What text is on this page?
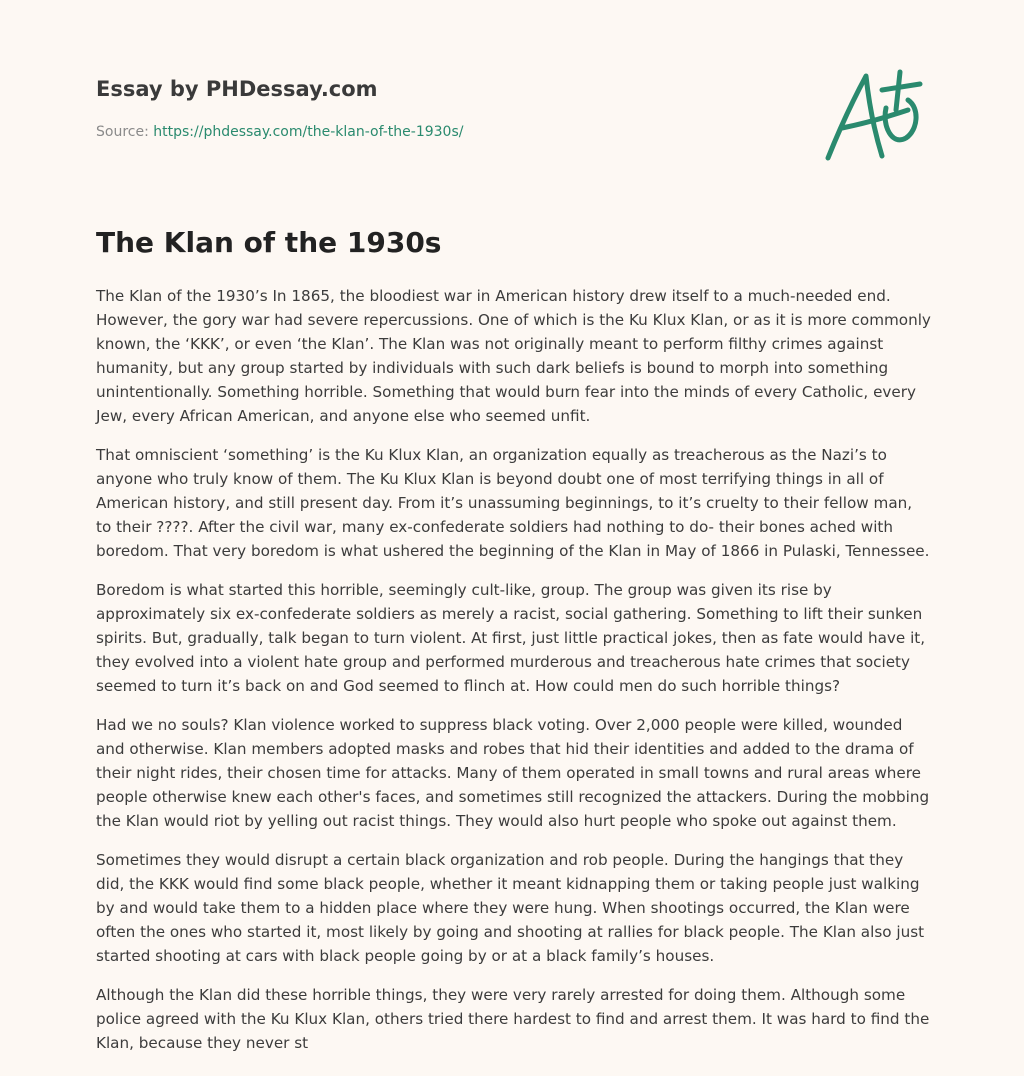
Essay by PHDessay.com
Source: https://phdessay.com/the-klan-of-the-1930s/
The Klan of the 1930s

The Klan of the 1930’s In 1865, the bloodiest war in American history drew itself to a much-needed end. However, the gory war had severe repercussions. One of which is the Ku Klux Klan, or as it is more commonly known, the ‘KKK’, or even ‘the Klan’. The Klan was not originally meant to perform filthy crimes against humanity, but any group started by individuals with such dark beliefs is bound to morph into something unintentionally. Something horrible. Something that would burn fear into the minds of every Catholic, every Jew, every African American, and anyone else who seemed unfit.

That omniscient ‘something’ is the Ku Klux Klan, an organization equally as treacherous as the Nazi’s to anyone who truly know of them. The Ku Klux Klan is beyond doubt one of most terrifying things in all of American history, and still present day. From it’s unassuming beginnings, to it’s cruelty to their fellow man, to their ????. After the civil war, many ex-confederate soldiers had nothing to do- their bones ached with boredom. That very boredom is what ushered the beginning of the Klan in May of 1866 in Pulaski, Tennessee.

Boredom is what started this horrible, seemingly cult-like, group. The group was given its rise by approximately six ex-confederate soldiers as merely a racist, social gathering. Something to lift their sunken spirits. But, gradually, talk began to turn violent. At first, just little practical jokes, then as fate would have it, they evolved into a violent hate group and performed murderous and treacherous hate crimes that society seemed to turn it’s back on and God seemed to flinch at. How could men do such horrible things?

Had we no souls? Klan violence worked to suppress black voting. Over 2,000 people were killed, wounded and otherwise. Klan members adopted masks and robes that hid their identities and added to the drama of their night rides, their chosen time for attacks. Many of them operated in small towns and rural areas where people otherwise knew each other's faces, and sometimes still recognized the attackers. During the mobbing the Klan would riot by yelling out racist things. They would also hurt people who spoke out against them.

Sometimes they would disrupt a certain black organization and rob people. During the hangings that they did, the KKK would find some black people, whether it meant kidnapping them or taking people just walking by and would take them to a hidden place where they were hung. When shootings occurred, the Klan were often the ones who started it, most likely by going and shooting at rallies for black people. The Klan also just started shooting at cars with black people going by or at a black family’s houses.

Although the Klan did these horrible things, they were very rarely arrested for doing them. Although some police agreed with the Ku Klux Klan, others tried there hardest to find and arrest them. It was hard to find the Klan, because they never st
